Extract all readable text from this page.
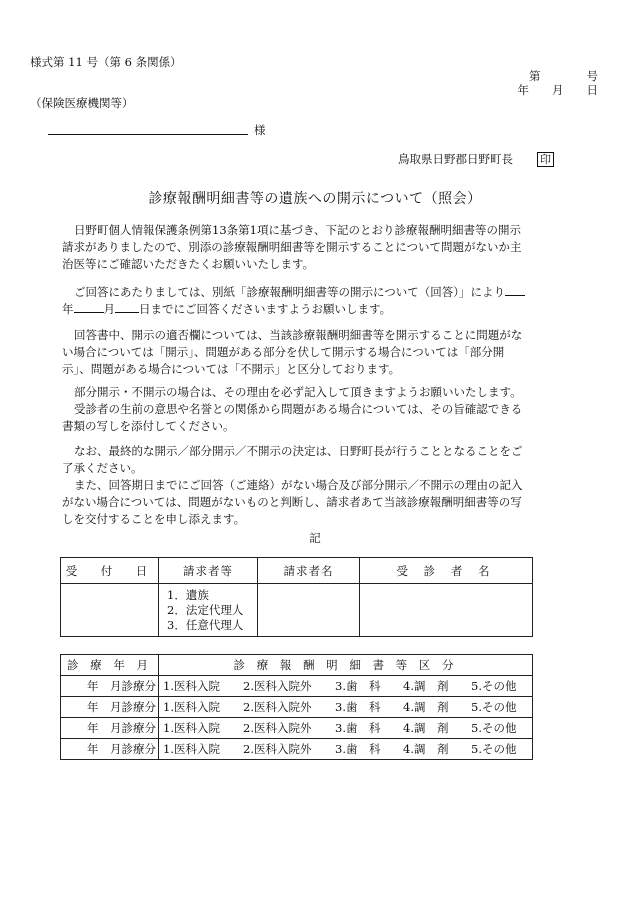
様式第 11 号（第 6 条関係）
第　　　　号
年　　月　　日
（保険医療機関等）
様
鳥取県日野郡日野町長 印
診療報酬明細書等の遺族への開示について（照会）
日野町個人情報保護条例第13条第1項に基づき、下記のとおり診療報酬明細書等の開示請求がありましたので、別添の診療報酬明細書等を開示することについて問題がないか主治医等にご確認いただきたくお願いいたします。
ご回答にあたりましては、別紙「診療報酬明細書等の開示について（回答）」により年	月 日までにご回答くださいますようお願いします。
回答書中、開示の適否欄については、当該診療報酬明細書等を開示することに問題がない場合については「開示」、問題がある部分を伏して開示する場合については「部分開示」、問題がある場合については「不開示」と区分しております。

部分開示・不開示の場合は、その理由を必ず記入して頂きますようお願いいたします。

受診者の生前の意思や名誉との関係から問題がある場合については、その旨確認できる書類の写しを添付してください。

なお、最終的な開示／部分開示／不開示の決定は、日野町長が行うこととなることをご了承ください。

また、回答期日までにご回答（ご連絡）がない場合及び部分開示／不開示の理由の記入がない場合については、問題がないものと判断し、請求者あて当該診療報酬明細書等の写しを交付することを申し添えます。

記
受　付　日	請求者等	請求者名	受 診 者 名

	1．遺族
2．法定代理人
3．任意代理人		

診 療 年 月	診 療 報 酬 明 細 書 等 区 分
年　月診療分	1.医科入院 2.医科入院外 3.歯　科 4.調　剤 5.その他
年　月診療分	1.医科入院 2.医科入院外 3.歯　科 4.調　剤 5.その他
年　月診療分	1.医科入院 2.医科入院外 3.歯　科 4.調　剤 5.その他
年　月診療分	1.医科入院 2.医科入院外 3.歯　科 4.調　剤 5.その他
